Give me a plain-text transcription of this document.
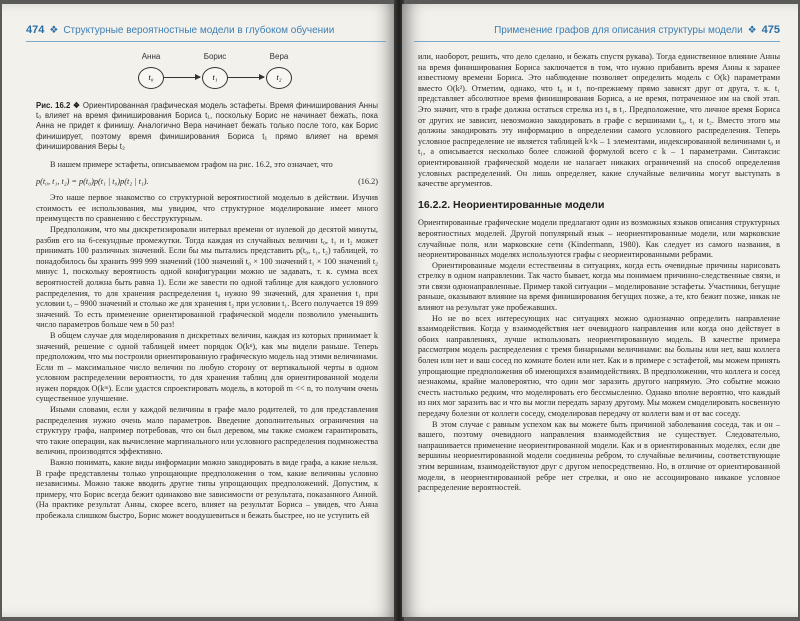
474 ❖ Структурные вероятностные модели в глубоком обучении
Анна
t₀
Борис
t₁
Вера
t₂

Рис. 16.2 ❖ Ориентированная графическая модель эстафеты. Время финиширования Анны t₀ влияет на время финиширования Бориса t₁, поскольку Борис не начинает бежать, пока Анна не придет к финишу. Аналогично Вера начинает бежать только после того, как Борис финиширует, поэтому время финиширования Бориса t₁ прямо влияет на время финиширования Веры t₂

В нашем примере эстафеты, описываемом графом на рис. 16.2, это означает, что

p(t₀, t₁, t₂) = p(t₀)p(t₁ | t₀)p(t₂ | t₁).	(16.2)

Это наше первое знакомство со структурной вероятностной моделью в действии. Изучив стоимость ее использования, мы увидим, что структурное моделирование имеет много преимуществ по сравнению с бесструктурным.

Предположим, что мы дискретизировали интервал времени от нулевой до десятой минуты, разбив его на 6-секундные промежутки. Тогда каждая из случайных величин t₀, t₁ и t₂ может принимать 100 различных значений. Если бы мы пытались представить p(t₀, t₁, t₂) таблицей, то понадобилось бы хранить 999 999 значений (100 значений t₀ × 100 значений t₁ × 100 значений t₂ минус 1, поскольку вероятность одной конфигурации можно не задавать, т. к. сумма всех вероятностей должна быть равна 1). Если же завести по одной таблице для каждого условного распределения, то для хранения распределения t₀ нужно 99 значений, для хранения t₁ при условии t₀ – 9900 значений и столько же для хранения t₂ при условии t₁. Всего получается 19 899 значений. То есть применение ориентированной графической модели позволило уменьшить число параметров больше чем в 50 раз!

В общем случае для моделирования n дискретных величин, каждая из которых принимает k значений, решение с одной таблицей имеет порядок O(kⁿ), как мы видели раньше. Теперь предположим, что мы построили ориентированную графическую модель над этими величинами. Если m – максимальное число величин по любую сторону от вертикальной черты в одном условном распределении вероятности, то для хранения таблиц для ориентированной модели нужен порядок O(kᵐ). Если удастся спроектировать модель, в которой m << n, то получим очень существенное улучшение.

Иными словами, если у каждой величины в графе мало родителей, то для представления распределения нужно очень мало параметров. Введение дополнительных ограничения на структуру графа, например потребовав, что он был деревом, мы также сможем гарантировать, что такие операции, как вычисление маргинального или условного распределения подмножества величин, производятся эффективно.

Важно понимать, какие виды информации можно закодировать в виде графа, а какие нельзя. В графе представлены только упрощающие предположения о том, какие величины условно независимы. Можно также вводить другие типы упрощающих предположений. Допустим, к примеру, что Борис всегда бежит одинаково вне зависимости от результата, показанного Анной. (На практике результат Анны, скорее всего, влияет на результат Бориса – увидев, что Анна пробежала слишком быстро, Борис может воодушевиться и бежать быстрее, но не уступить ей

Применение графов для описания структуры модели ❖ 475

или, наоборот, решить, что дело сделано, и бежать спустя рукава). Тогда единственное влияние Анны на время финиширования Бориса заключается в том, что нужно прибавить время Анны к заранее известному времени Бориса. Это наблюдение позволяет определить модель с O(k) параметрами вместо O(k²). Отметим, однако, что t₀ и t₁ по-прежнему прямо зависят друг от друга, т. к. t₁ представляет абсолютное время финиширования Бориса, а не время, потраченное им на свой этап. Это значит, что в графе должна остаться стрелка из t₀ в t₁. Предположение, что личное время Бориса от других не зависит, невозможно закодировать в графе с вершинами t₀, t₁ и t₂. Вместо этого мы должны закодировать эту информацию в определении самого условного распределения. Теперь условное распределение не является таблицей k×k – 1 элементами, индексированной величинами t₀ и t₁, а описывается несколько более сложной формулой всего с k – 1 параметрами. Синтаксис ориентированной графической модели не налагает никаких ограничений на способ определения условных распределений. Он лишь определяет, какие случайные величины могут выступать в качестве аргументов.

16.2.2. Неориентированные модели

Ориентированные графические модели предлагают один из возможных языков описания структурных вероятностных моделей. Другой популярный язык – неориентированные модели, или марковские случайные поля, или марковские сети (Kindermann, 1980). Как следует из самого названия, в неориентированных моделях используются графы с неориентированными ребрами.

Ориентированные модели естественны в ситуациях, когда есть очевидные причины нарисовать стрелку в одном направлении. Так часто бывает, когда мы понимаем причинно-следственные связи, и эти связи однонаправленные. Пример такой ситуации – моделирование эстафеты. Участники, бегущие раньше, оказывают влияние на время финиширования бегущих позже, а те, кто бежит позже, никак не влияют на результат уже пробежавших.

Но не во всех интересующих нас ситуациях можно однозначно определить направление взаимодействия. Когда у взаимодействия нет очевидного направления или когда оно действует в обоих направлениях, лучше использовать неориентированную модель. В качестве примера рассмотрим модель распределения с тремя бинарными величинами: вы больны или нет, ваш коллега болен или нет и ваш сосед по комнате болен или нет. Как и в примере с эстафетой, мы можем принять упрощающие предположения об имеющихся взаимодействиях. В предположении, что коллега и сосед незнакомы, крайне маловероятно, что один мог заразить другого напрямую. Это событие можно счесть настолько редким, что моделировать его бессмысленно. Однако вполне вероятно, что каждый из них мог заразить вас и что вы могли передать заразу другому. Мы можем смоделировать косвенную передачу болезни от коллеги соседу, смоделировав передачу от коллеги вам и от вас соседу.

В этом случае с равным успехом как вы можете быть причиной заболевания соседа, так и он – вашего, поэтому очевидного направления взаимодействия не существует. Следовательно, напрашивается применение неориентированной модели. Как и в ориентированных моделях, если две вершины неориентированной модели соединены ребром, то случайные величины, соответствующие этим вершинам, взаимодействуют друг с другом непосредственно. Но, в отличие от ориентированной модели, в неориентированной ребре нет стрелки, и оно не ассоциировано никакое условное распределение вероятностей.
